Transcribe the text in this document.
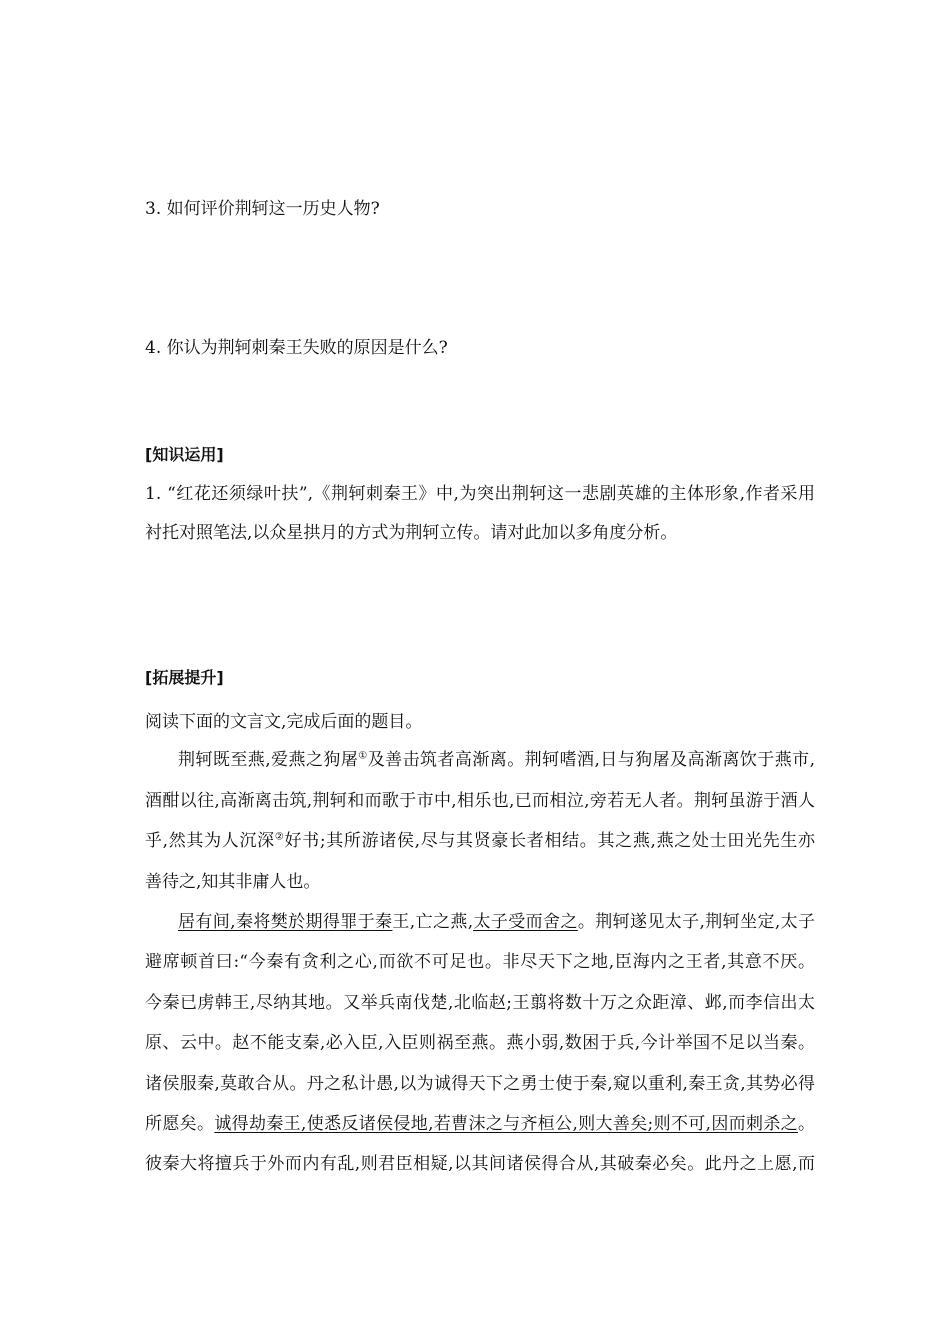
3. 如何评价荆轲这一历史人物?
4. 你认为荆轲刺秦王失败的原因是什么?
[知识运用]
1. “红花还须绿叶扶”,《荆轲刺秦王》中,为突出荆轲这一悲剧英雄的主体形象,作者采用
衬托对照笔法,以众星拱月的方式为荆轲立传。请对此加以多角度分析。
[拓展提升]
阅读下面的文言文,完成后面的题目。
荆轲既至燕,爱燕之狗屠①及善击筑者高渐离。荆轲嗜酒,日与狗屠及高渐离饮于燕市,
酒酣以往,高渐离击筑,荆轲和而歌于市中,相乐也,已而相泣,旁若无人者。荆轲虽游于酒人
乎,然其为人沉深②好书;其所游诸侯,尽与其贤豪长者相结。其之燕,燕之处士田光先生亦
善待之,知其非庸人也。
居有间,秦将樊於期得罪于秦王,亡之燕,太子受而舍之。荆轲遂见太子,荆轲坐定,太子
避席顿首曰:“今秦有贪利之心,而欲不可足也。非尽天下之地,臣海内之王者,其意不厌。
今秦已虏韩王,尽纳其地。又举兵南伐楚,北临赵;王翦将数十万之众距漳、邺,而李信出太
原、云中。赵不能支秦,必入臣,入臣则祸至燕。燕小弱,数困于兵,今计举国不足以当秦。
诸侯服秦,莫敢合从。丹之私计愚,以为诚得天下之勇士使于秦,窥以重利,秦王贪,其势必得
所愿矣。诚得劫秦王,使悉反诸侯侵地,若曹沫之与齐桓公,则大善矣;则不可,因而刺杀之。
彼秦大将擅兵于外而内有乱,则君臣相疑,以其间诸侯得合从,其破秦必矣。此丹之上愿,而
